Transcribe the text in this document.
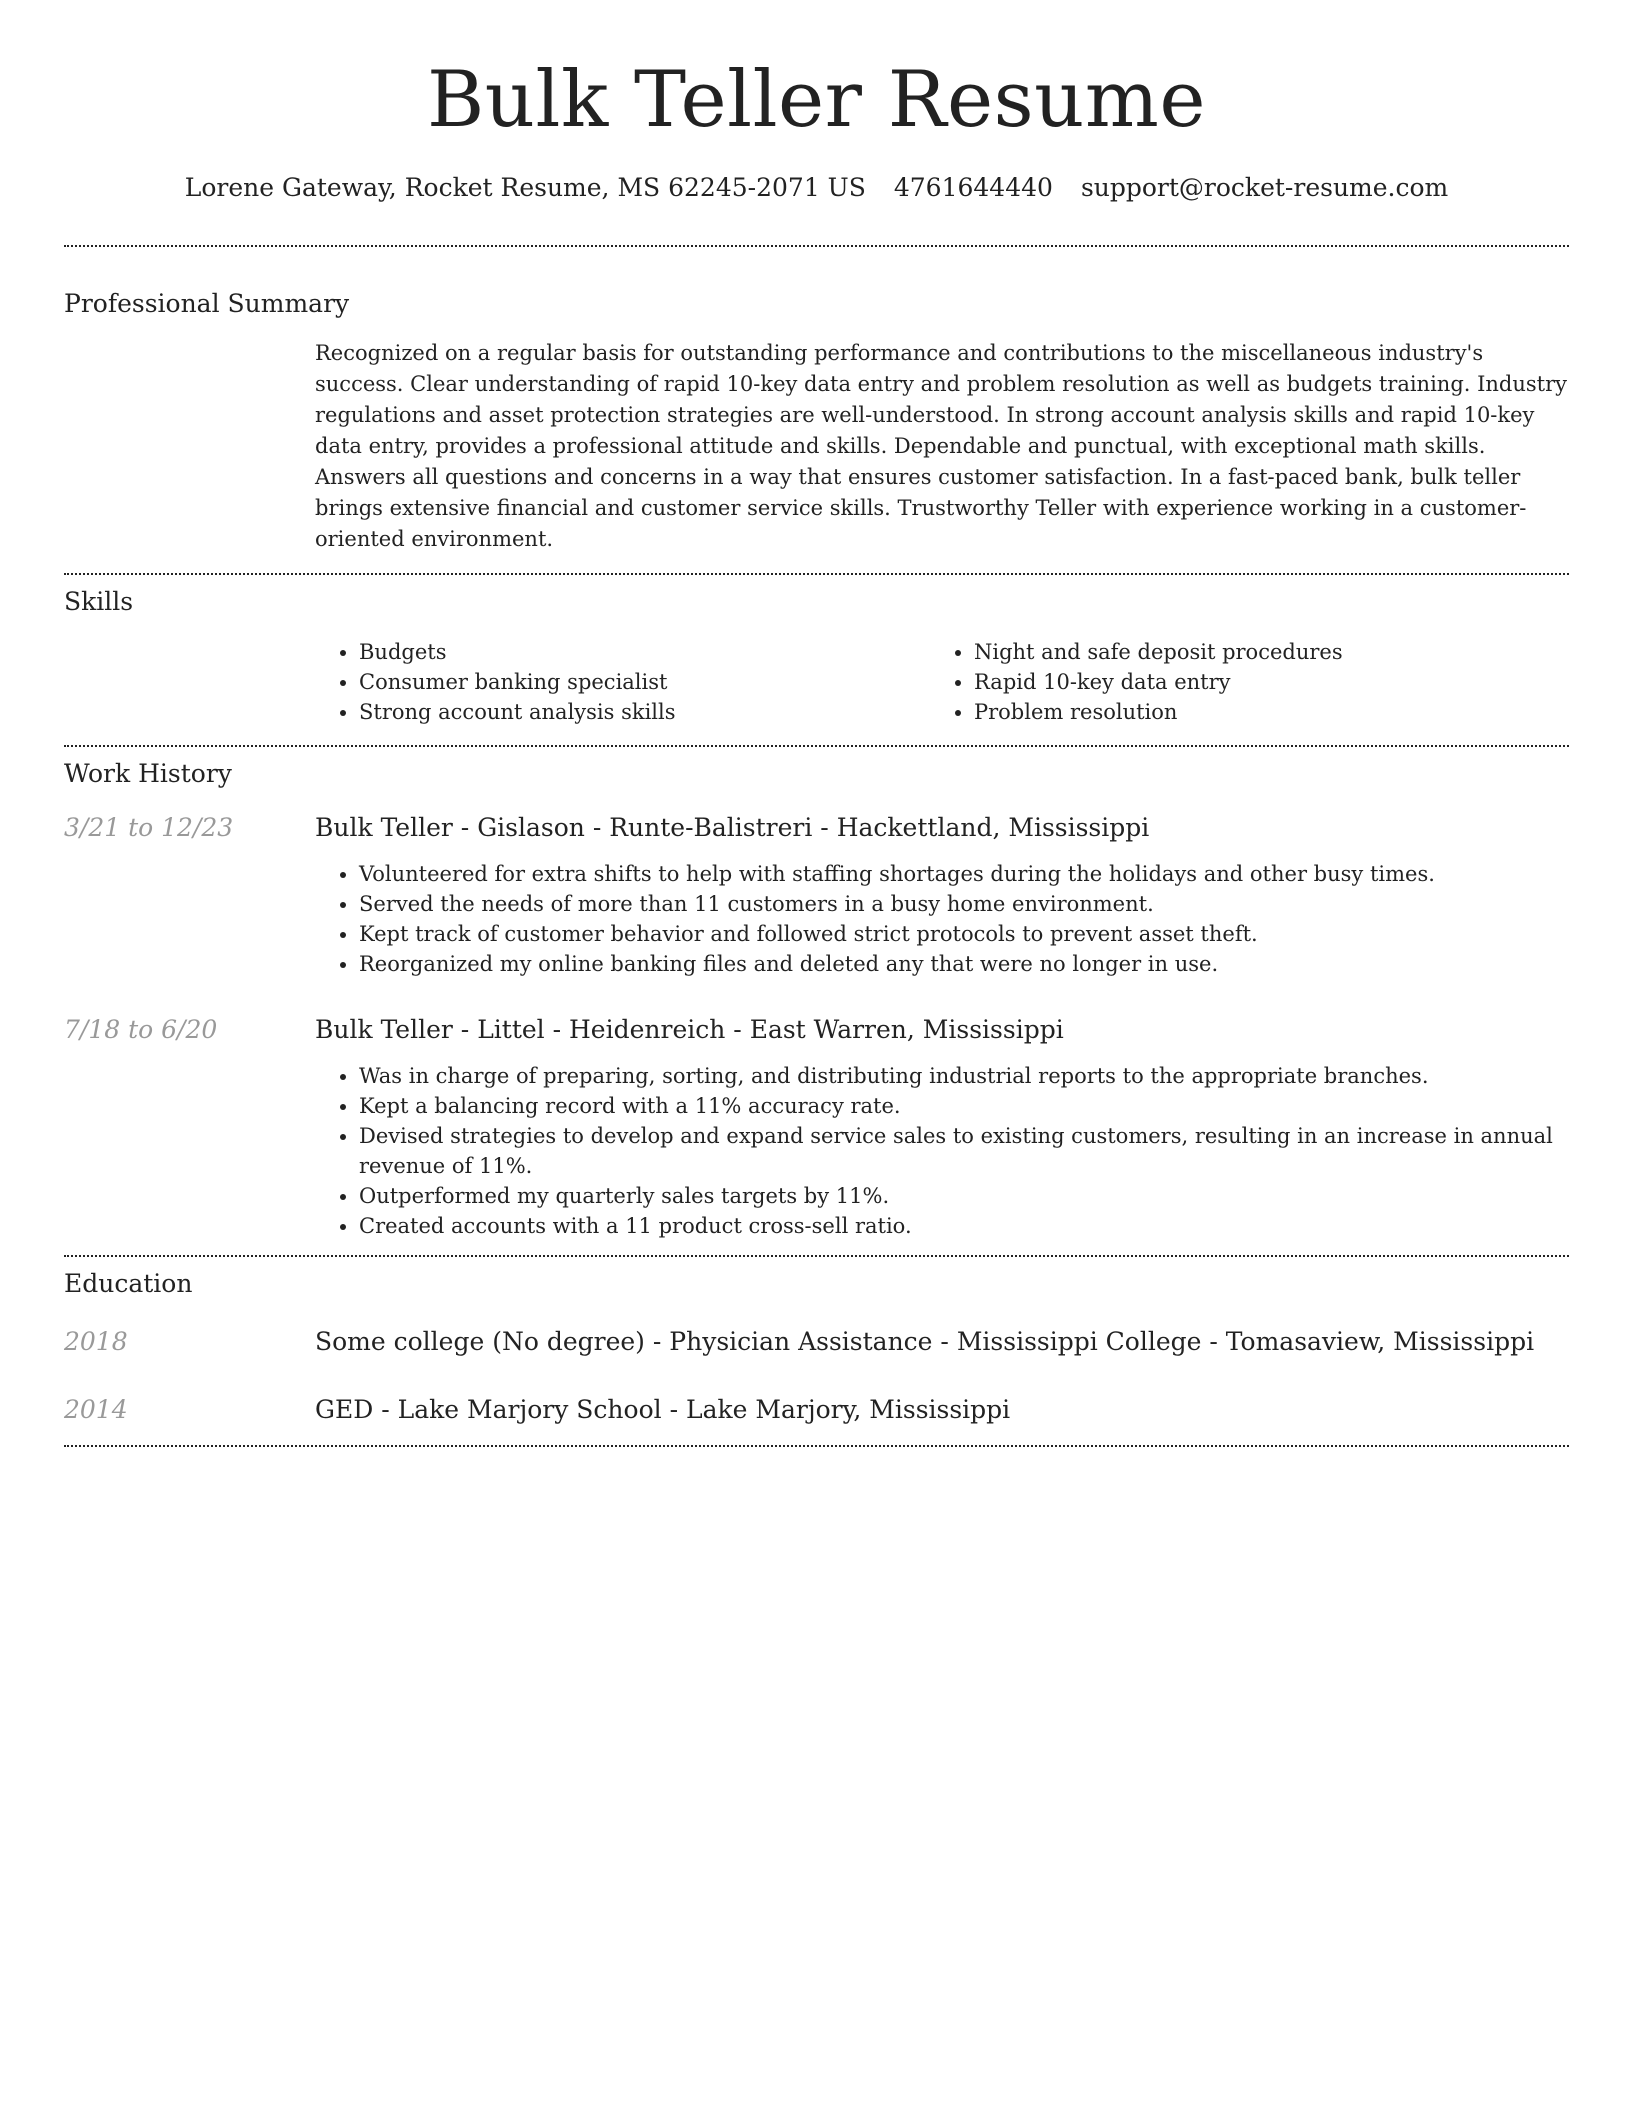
Bulk Teller Resume
Lorene Gateway, Rocket Resume, MS 62245-2071 US 4761644440 support@rocket-resume.com
Professional Summary

Recognized on a regular basis for outstanding performance and contributions to the miscellaneous industry's success. Clear understanding of rapid 10-key data entry and problem resolution as well as budgets training. Industry regulations and asset protection strategies are well-understood. In strong account analysis skills and rapid 10-key data entry, provides a professional attitude and skills. Dependable and punctual, with exceptional math skills. Answers all questions and concerns in a way that ensures customer satisfaction. In a fast-paced bank, bulk teller brings extensive financial and customer service skills. Trustworthy Teller with experience working in a customer-oriented environment.

Skills
• Budgets
• Consumer banking specialist
• Strong account analysis skills
• Night and safe deposit procedures
• Rapid 10-key data entry
• Problem resolution
Work History
3/21 to 12/23	Bulk Teller - Gislason - Runte-Balistreri - Hackettland, Mississippi
• Volunteered for extra shifts to help with staffing shortages during the holidays and other busy times.
• Served the needs of more than 11 customers in a busy home environment.
• Kept track of customer behavior and followed strict protocols to prevent asset theft.
• Reorganized my online banking files and deleted any that were no longer in use.
7/18 to 6/20	Bulk Teller - Littel - Heidenreich - East Warren, Mississippi
• Was in charge of preparing, sorting, and distributing industrial reports to the appropriate branches.
• Kept a balancing record with a 11% accuracy rate.
• Devised strategies to develop and expand service sales to existing customers, resulting in an increase in annual revenue of 11%.
• Outperformed my quarterly sales targets by 11%.
• Created accounts with a 11 product cross-sell ratio.
Education
2018	Some college (No degree) - Physician Assistance - Mississippi College - Tomasaview, Mississippi
2014	GED - Lake Marjory School - Lake Marjory, Mississippi
